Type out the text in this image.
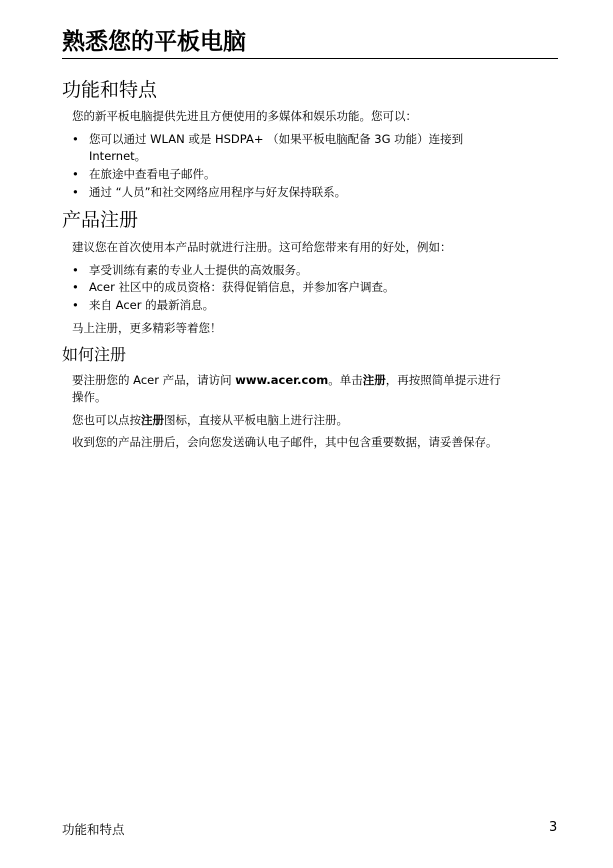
熟悉您的平板电脑
功能和特点
您的新平板电脑提供先进且方便使用的多媒体和娱乐功能。您可以：
• 您可以通过 WLAN 或是 HSDPA+ （如果平板电脑配备 3G 功能）连接到
Internet。
• 在旅途中查看电子邮件。
• 通过 “人员”和社交网络应用程序与好友保持联系。
产品注册
建议您在首次使用本产品时就进行注册。这可给您带来有用的好处，例如：
• 享受训练有素的专业人士提供的高效服务。
• Acer 社区中的成员资格：获得促销信息，并参加客户调查。
• 来自 Acer 的最新消息。
马上注册，更多精彩等着您！
如何注册
要注册您的 Acer 产品，请访问 www.acer.com。单击注册，再按照简单提示进行
操作。
您也可以点按注册图标，直接从平板电脑上进行注册。
收到您的产品注册后，会向您发送确认电子邮件，其中包含重要数据，请妥善保存。
功能和特点	3
